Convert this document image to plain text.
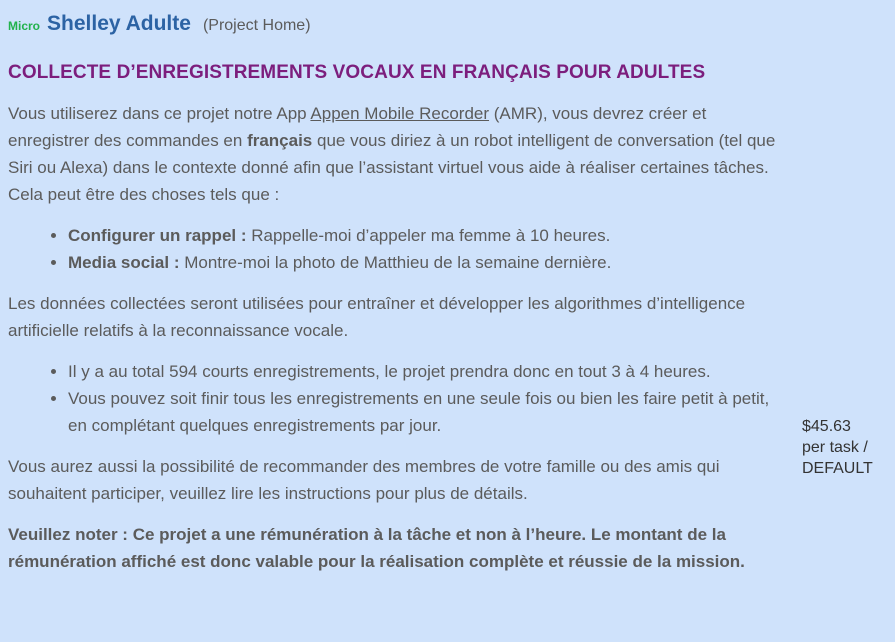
Micro Shelley Adulte (Project Home)
COLLECTE D’ENREGISTREMENTS VOCAUX EN FRANÇAIS POUR ADULTES

Vous utiliserez dans ce projet notre App Appen Mobile Recorder (AMR), vous devrez créer et enregistrer des commandes en français que vous diriez à un robot intelligent de conversation (tel que Siri ou Alexa) dans le contexte donné afin que l’assistant virtuel vous aide à réaliser certaines tâches. Cela peut être des choses tels que :

• Configurer un rappel : Rappelle-moi d’appeler ma femme à 10 heures.
• Media social : Montre-moi la photo de Matthieu de la semaine dernière.

Les données collectées seront utilisées pour entraîner et développer les algorithmes d’intelligence artificielle relatifs à la reconnaissance vocale.

• Il y a au total 594 courts enregistrements, le projet prendra donc en tout 3 à 4 heures.
• Vous pouvez soit finir tous les enregistrements en une seule fois ou bien les faire petit à petit, en complétant quelques enregistrements par jour.

Vous aurez aussi la possibilité de recommander des membres de votre famille ou des amis qui souhaitent participer, veuillez lire les instructions pour plus de détails.

Veuillez noter : Ce projet a une rémunération à la tâche et non à l’heure. Le montant de la rémunération affiché est donc valable pour la réalisation complète et réussie de la mission.

$45.63
per task /
DEFAULT
